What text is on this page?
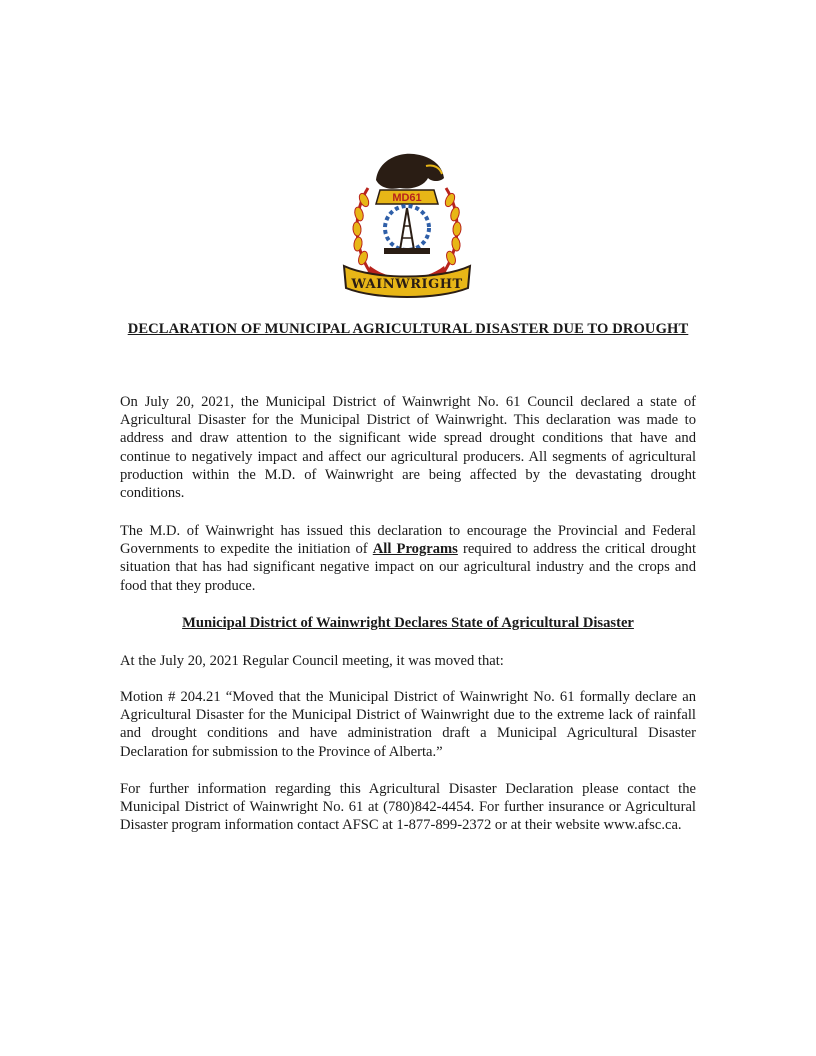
MD61
WAINWRIGHT
DECLARATION OF MUNICIPAL AGRICULTURAL DISASTER DUE TO DROUGHT

On July 20, 2021, the Municipal District of Wainwright No. 61 Council declared a state of Agricultural Disaster for the Municipal District of Wainwright. This declaration was made to address and draw attention to the significant wide spread drought conditions that have and continue to negatively impact and affect our agricultural producers. All segments of agricultural production within the M.D. of Wainwright are being affected by the devastating drought conditions.

The M.D. of Wainwright has issued this declaration to encourage the Provincial and Federal Governments to expedite the initiation of All Programs required to address the critical drought situation that has had significant negative impact on our agricultural industry and the crops and food that they produce.

Municipal District of Wainwright Declares State of Agricultural Disaster

At the July 20, 2021 Regular Council meeting, it was moved that:

Motion # 204.21 “Moved that the Municipal District of Wainwright No. 61 formally declare an Agricultural Disaster for the Municipal District of Wainwright due to the extreme lack of rainfall and drought conditions and have administration draft a Municipal Agricultural Disaster Declaration for submission to the Province of Alberta.”

For further information regarding this Agricultural Disaster Declaration please contact the Municipal District of Wainwright No. 61 at (780)842-4454. For further insurance or Agricultural Disaster program information contact AFSC at 1-877-899-2372 or at their website www.afsc.ca.
